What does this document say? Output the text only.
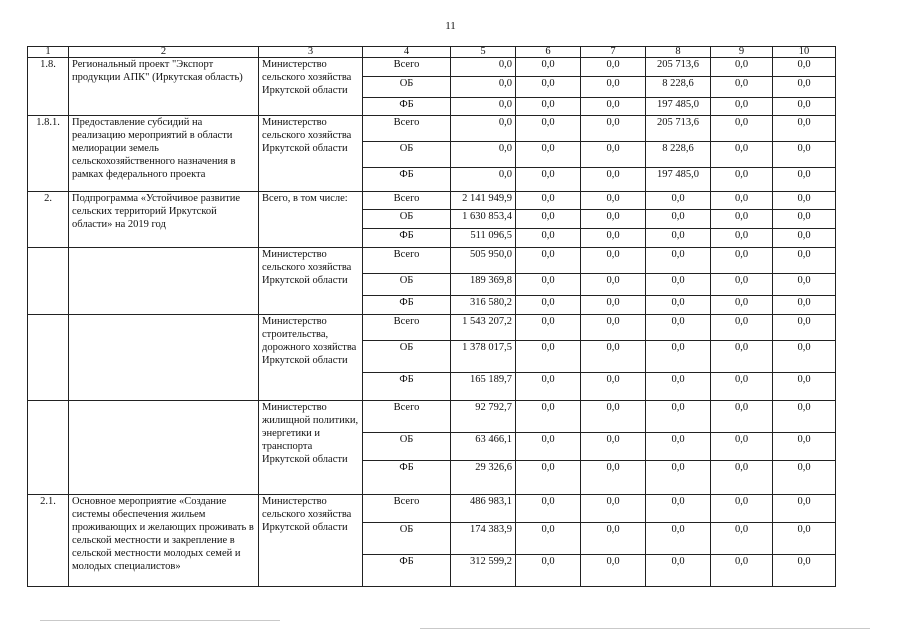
11
1	2	3	4	5	6	7	8	9	10
1.8.	Региональный проект "Экспорт продукции АПК" (Иркутская область)	Министерство сельского хозяйства Иркутской области	Всего	0,0	0,0	0,0	205 713,6	0,0	0,0
			ОБ	0,0	0,0	0,0	8 228,6	0,0	0,0
			ФБ	0,0	0,0	0,0	197 485,0	0,0	0,0
1.8.1.	Предоставление субсидий на реализацию мероприятий в области мелиорации земель сельскохозяйственного назначения в рамках федерального проекта	Министерство сельского хозяйства Иркутской области	Всего	0,0	0,0	0,0	205 713,6	0,0	0,0
			ОБ	0,0	0,0	0,0	8 228,6	0,0	0,0
			ФБ	0,0	0,0	0,0	197 485,0	0,0	0,0
2.	Подпрограмма «Устойчивое развитие сельских территорий Иркутской области» на 2019 год	Всего, в том числе:	Всего	2 141 949,9	0,0	0,0	0,0	0,0	0,0
			ОБ	1 630 853,4	0,0	0,0	0,0	0,0	0,0
			ФБ	511 096,5	0,0	0,0	0,0	0,0	0,0
		Министерство сельского хозяйства Иркутской области	Всего	505 950,0	0,0	0,0	0,0	0,0	0,0
			ОБ	189 369,8	0,0	0,0	0,0	0,0	0,0
			ФБ	316 580,2	0,0	0,0	0,0	0,0	0,0
		Министерство строительства, дорожного хозяйства Иркутской области	Всего	1 543 207,2	0,0	0,0	0,0	0,0	0,0
			ОБ	1 378 017,5	0,0	0,0	0,0	0,0	0,0
			ФБ	165 189,7	0,0	0,0	0,0	0,0	0,0
		Министерство жилищной политики, энергетики и транспорта Иркутской области	Всего	92 792,7	0,0	0,0	0,0	0,0	0,0
			ОБ	63 466,1	0,0	0,0	0,0	0,0	0,0
			ФБ	29 326,6	0,0	0,0	0,0	0,0	0,0
2.1.	Основное мероприятие «Создание системы обеспечения жильем проживающих и желающих проживать в сельской местности и закрепление в сельской местности молодых семей и молодых специалистов»	Министерство сельского хозяйства Иркутской области	Всего	486 983,1	0,0	0,0	0,0	0,0	0,0
			ОБ	174 383,9	0,0	0,0	0,0	0,0	0,0
			ФБ	312 599,2	0,0	0,0	0,0	0,0	0,0
